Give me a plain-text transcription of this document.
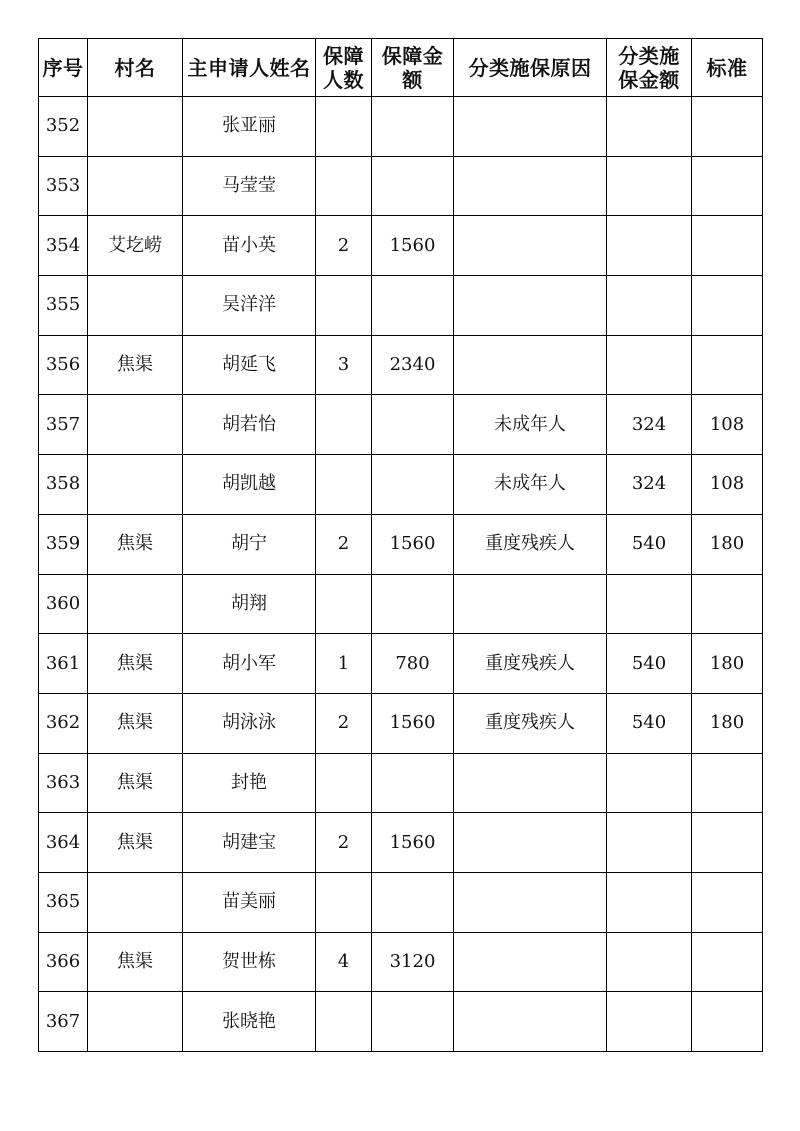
序号	村名	主申请人姓名	保障人数	保障金额	分类施保原因	分类施保金额	标准
352		张亚丽					
353		马莹莹					
354	艾圪崂	苗小英	2	1560			
355		吴洋洋					
356	焦渠	胡延飞	3	2340			
357		胡若怡			未成年人	324	108
358		胡凯越			未成年人	324	108
359	焦渠	胡宁	2	1560	重度残疾人	540	180
360		胡翔					
361	焦渠	胡小军	1	780	重度残疾人	540	180
362	焦渠	胡泳泳	2	1560	重度残疾人	540	180
363	焦渠	封艳					
364	焦渠	胡建宝	2	1560			
365		苗美丽					
366	焦渠	贺世栋	4	3120			
367		张晓艳					
